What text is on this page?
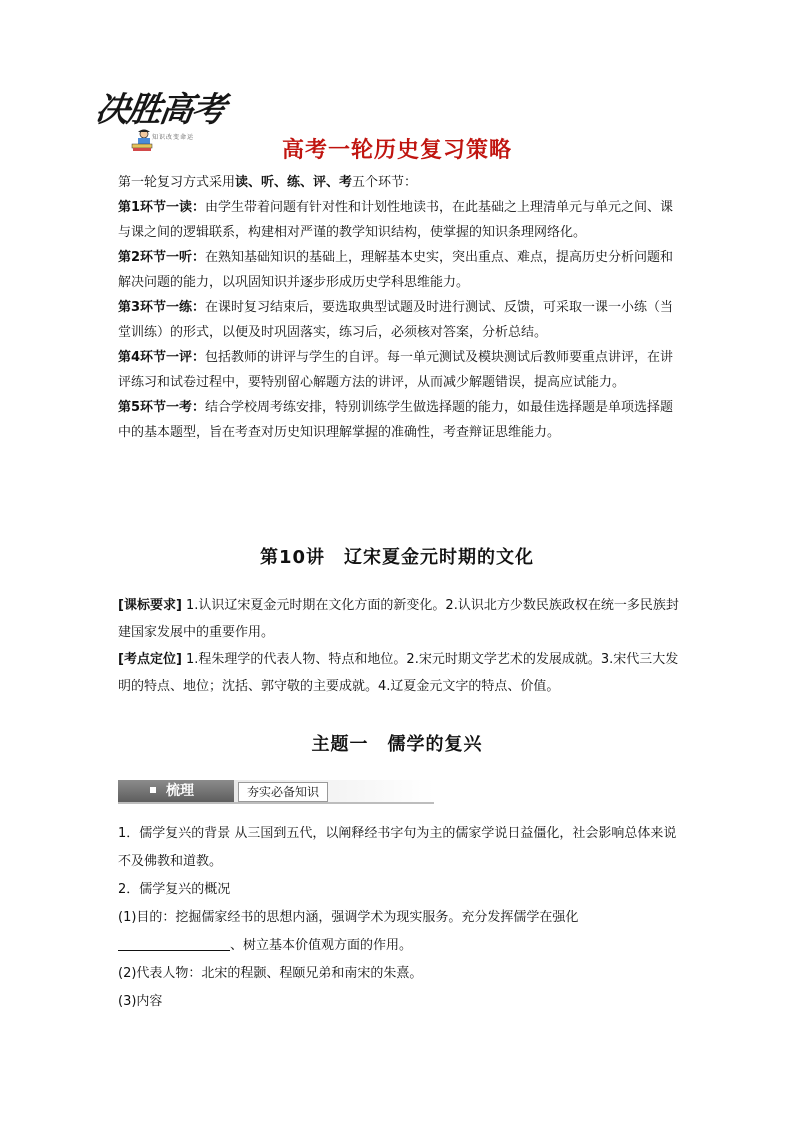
决胜高考
知识改变命运
高考一轮历史复习策略

第一轮复习方式采用读、听、练、评、考五个环节：

第1环节一读：由学生带着问题有针对性和计划性地读书，在此基础之上理清单元与单元之间、课与课之间的逻辑联系，构建相对严谨的教学知识结构，使掌握的知识条理网络化。

第2环节一听：在熟知基础知识的基础上，理解基本史实，突出重点、难点，提高历史分析问题和解决问题的能力，以巩固知识并逐步形成历史学科思维能力。

第3环节一练：在课时复习结束后，要选取典型试题及时进行测试、反馈，可采取一课一小练（当堂训练）的形式，以便及时巩固落实，练习后，必须核对答案，分析总结。

第4环节一评：包括教师的讲评与学生的自评。每一单元测试及模块测试后教师要重点讲评，在讲评练习和试卷过程中，要特别留心解题方法的讲评，从而减少解题错误，提高应试能力。

第5环节一考：结合学校周考练安排，特别训练学生做选择题的能力，如最佳选择题是单项选择题中的基本题型，旨在考查对历史知识理解掌握的准确性，考查辩证思维能力。

第10讲　辽宋夏金元时期的文化

[课标要求] 1.认识辽宋夏金元时期在文化方面的新变化。2.认识北方少数民族政权在统一多民族封建国家发展中的重要作用。

[考点定位] 1.程朱理学的代表人物、特点和地位。2.宋元时期文学艺术的发展成就。3.宋代三大发明的特点、地位；沈括、郭守敬的主要成就。4.辽夏金元文字的特点、价值。

主题一　儒学的复兴
梳理	夯实必备知识

1．儒学复兴的背景 从三国到五代，以阐释经书字句为主的儒家学说日益僵化，社会影响总体来说不及佛教和道教。

2．儒学复兴的概况

(1)目的：挖掘儒家经书的思想内涵，强调学术为现实服务。充分发挥儒学在强化、树立基本价值观方面的作用。

(2)代表人物：北宋的程颢、程颐兄弟和南宋的朱熹。

(3)内容
